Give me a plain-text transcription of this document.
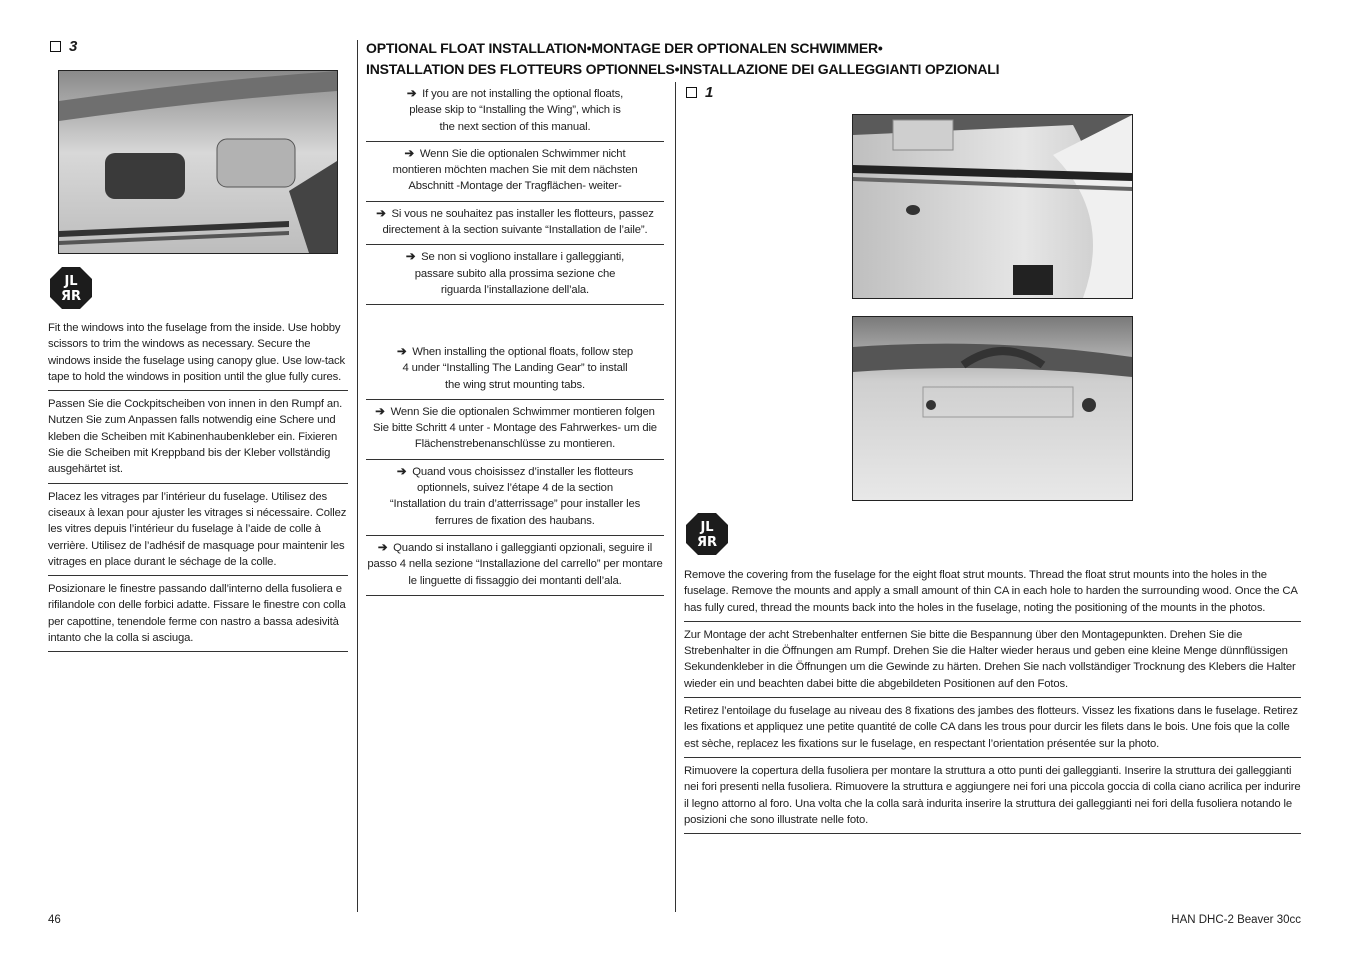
3
JL
ЯR
Fit the windows into the fuselage from the inside. Use hobby scissors to trim the windows as necessary. Secure the windows inside the fuselage using canopy glue. Use low-tack tape to hold the windows in position until the glue fully cures.
Passen Sie die Cockpitscheiben von innen in den Rumpf an. Nutzen Sie zum Anpassen falls notwendig eine Schere und kleben die Scheiben mit Kabinenhaubenkleber ein. Fixieren Sie die Scheiben mit Kreppband bis der Kleber vollständig ausgehärtet ist.
Placez les vitrages par l’intérieur du fuselage. Utilisez des ciseaux à lexan pour ajuster les vitrages si nécessaire. Collez les vitres depuis l’intérieur du fuselage à l’aide de colle à verrière. Utilisez de l’adhésif de masquage pour maintenir les vitrages en place durant le séchage de la colle.
Posizionare le finestre passando dall’interno della fusoliera e rifilandole con delle forbici adatte. Fissare le finestre con colla per capottine, tenendole ferme con nastro a bassa adesività intanto che la colla si asciuga.
OPTIONAL FLOAT INSTALLATION•MONTAGE DER OPTIONALEN SCHWIMMER•
INSTALLATION DES FLOTTEURS OPTIONNELS•INSTALLAZIONE DEI GALLEGGIANTI OPZIONALI
➔ If you are not installing the optional floats, please skip to “Installing the Wing”, which is the next section of this manual.
➔ Wenn Sie die optionalen Schwimmer nicht montieren möchten machen Sie mit dem nächsten Abschnitt -Montage der Tragflächen- weiter-
➔ Si vous ne souhaitez pas installer les flotteurs, passez directement à la section suivante “Installation de l’aile”.
➔ Se non si vogliono installare i galleggianti, passare subito alla prossima sezione che riguarda l’installazione dell’ala.
➔ When installing the optional floats, follow step 4 under “Installing The Landing Gear” to install the wing strut mounting tabs.
➔ Wenn Sie die optionalen Schwimmer montieren folgen Sie bitte Schritt 4 unter - Montage des Fahrwerkes- um die Flächenstrebenanschlüsse zu montieren.
➔ Quand vous choisissez d’installer les flotteurs optionnels, suivez l’étape 4 de la section “Installation du train d’atterrissage” pour installer les ferrures de fixation des haubans.
➔ Quando si installano i galleggianti opzionali, seguire il passo 4 nella sezione “Installazione del carrello” per montare le linguette di fissaggio dei montanti dell’ala.
1
JL
ЯR
Remove the covering from the fuselage for the eight float strut mounts. Thread the float strut mounts into the holes in the fuselage. Remove the mounts and apply a small amount of thin CA in each hole to harden the surrounding wood. Once the CA has fully cured, thread the mounts back into the holes in the fuselage, noting the positioning of the mounts in the photos.
Zur Montage der acht Strebenhalter entfernen Sie bitte die Bespannung über den Montagepunkten. Drehen Sie die Strebenhalter in die Öffnungen am Rumpf. Drehen Sie die Halter wieder heraus und geben eine kleine Menge dünnflüssigen Sekundenkleber in die Öffnungen um die Gewinde zu härten. Drehen Sie nach vollständiger Trocknung des Klebers die Halter wieder ein und beachten dabei bitte die abgebildeten Positionen auf den Fotos.
Retirez l’entoilage du fuselage au niveau des 8 fixations des jambes des flotteurs. Vissez les fixations dans le fuselage. Retirez les fixations et appliquez une petite quantité de colle CA dans les trous pour durcir les filets dans le bois. Une fois que la colle est sèche, replacez les fixations sur le fuselage, en respectant l’orientation présentée sur la photo.
Rimuovere la copertura della fusoliera per montare la struttura a otto punti dei galleggianti. Inserire la struttura dei galleggianti nei fori presenti nella fusoliera. Rimuovere la struttura e aggiungere nei fori una piccola goccia di colla ciano acrilica per indurire il legno attorno al foro. Una volta che la colla sarà indurita inserire la struttura dei galleggianti nei fori della fusoliera notando le posizioni che sono illustrate nelle foto.
46	HAN DHC-2 Beaver 30cc
